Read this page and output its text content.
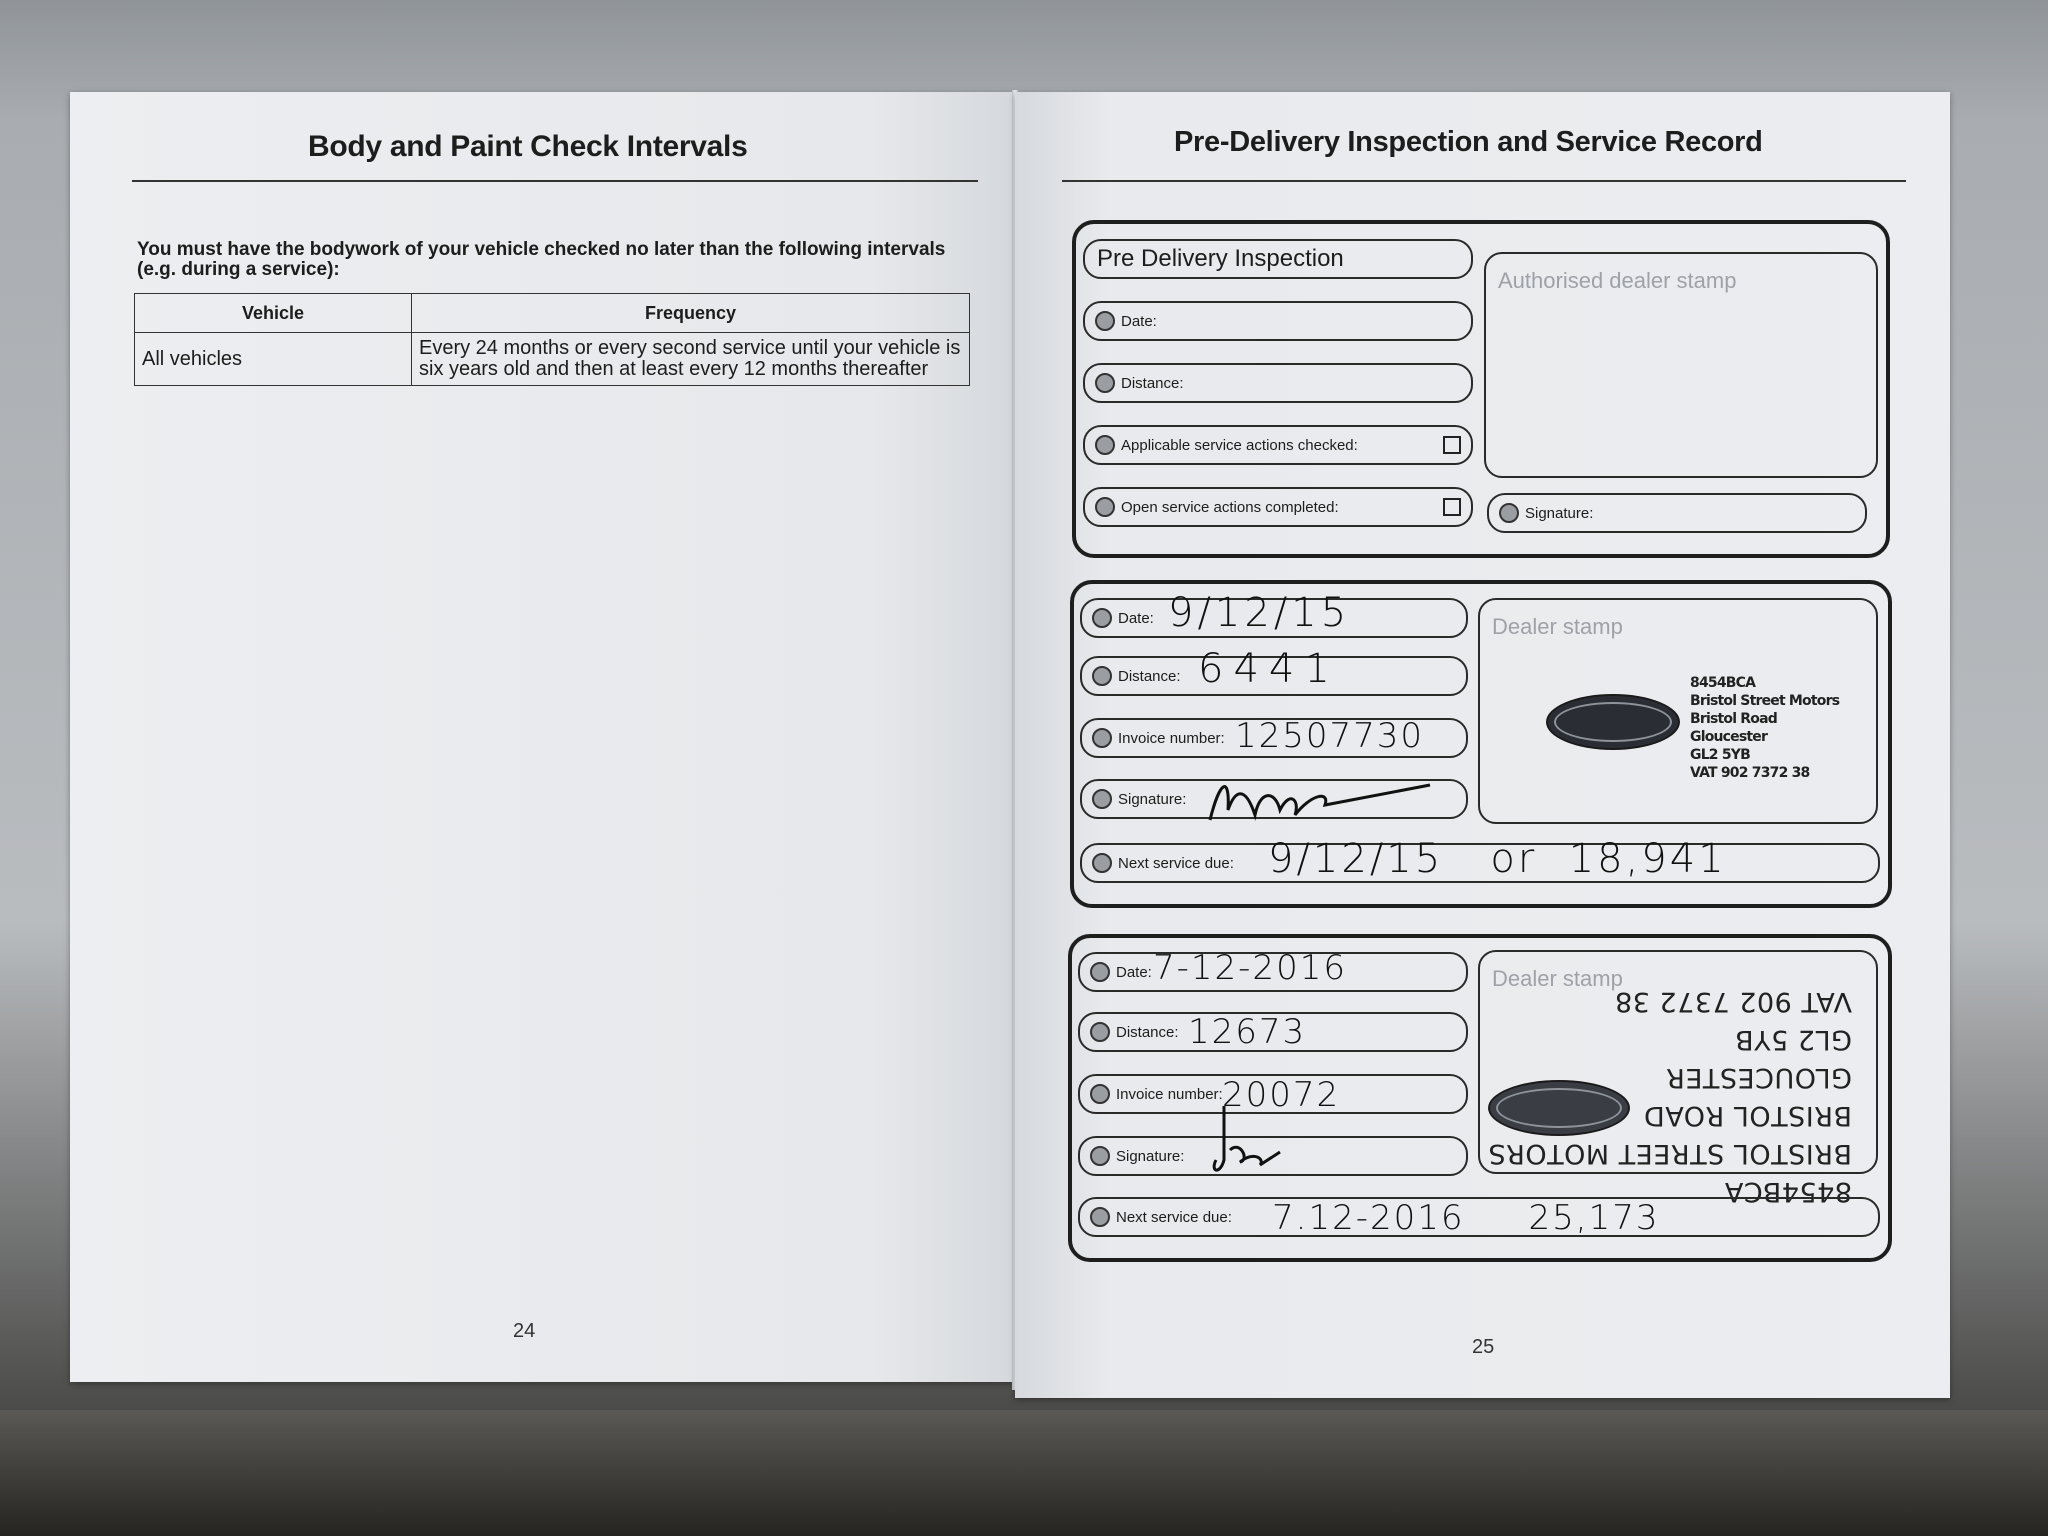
Body and Paint Check Intervals
You must have the bodywork of your vehicle checked no later than the following intervals (e.g. during a service):
Vehicle	Frequency
All vehicles	Every 24 months or every second service until your vehicle is six years old and then at least every 12 months thereafter
24
Pre-Delivery Inspection and Service Record
Pre Delivery Inspection
Date:
Distance:
Applicable service actions checked:
Open service actions completed:
Authorised dealer stamp
Signature:
Date: 9/12/15
Distance: 6441
Invoice number: 12507730
Signature:
Dealer stamp
8454BCA
Bristol Street Motors
Bristol Road
Gloucester
GL2 5YB
VAT 902 7372 38
Next service due: 9/12/15   or  18,941
Date: 7-12-2016
Distance: 12673
Invoice number: 20072
Signature:
Dealer stamp
8454BCA
BRISTOL STREET MOTORS
BRISTOL ROAD
GLOUCESTER
GL2 5YB
VAT 902 7372 38
Next service due: 7.12-2016     25,173
25
